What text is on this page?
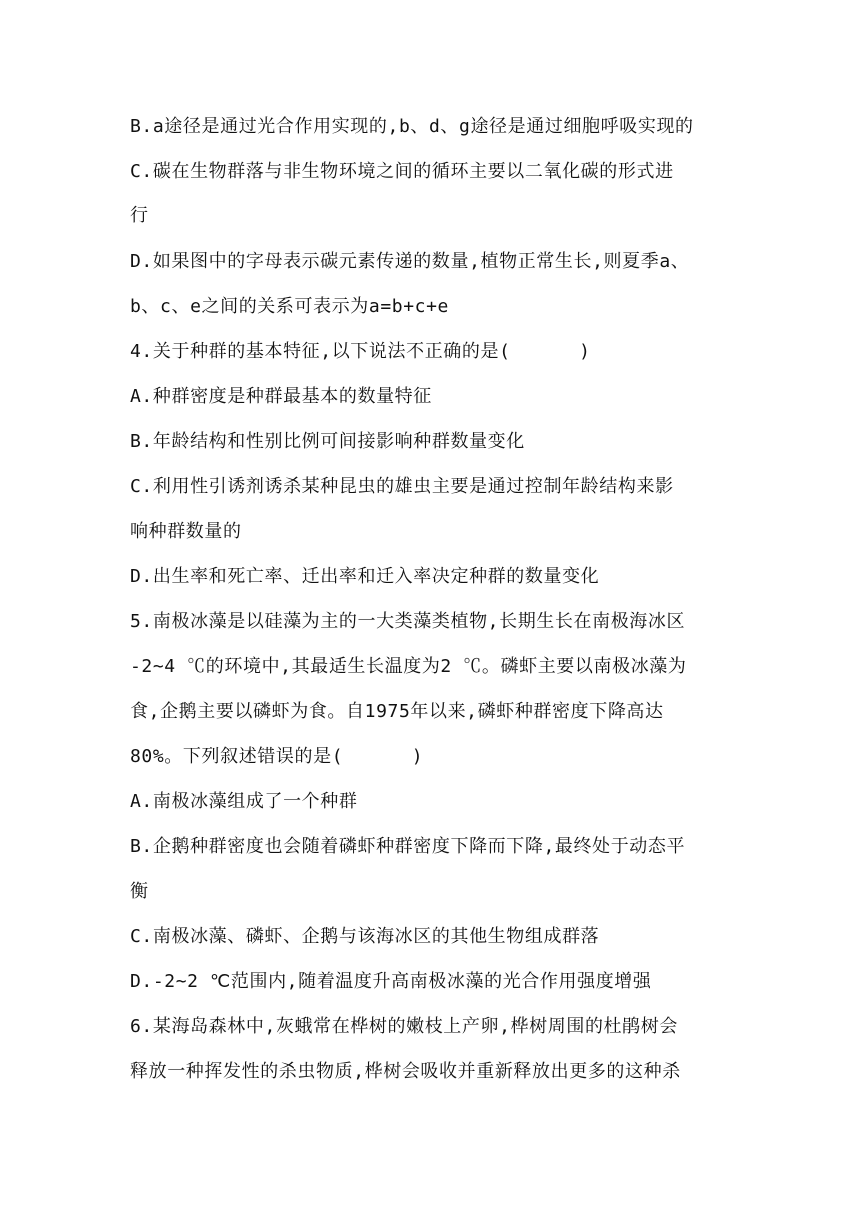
B.a途径是通过光合作用实现的,b、d、g途径是通过细胞呼吸实现的
C.碳在生物群落与非生物环境之间的循环主要以二氧化碳的形式进
行
D.如果图中的字母表示碳元素传递的数量,植物正常生长,则夏季a、
b、c、e之间的关系可表示为a=b+c+e
4.关于种群的基本特征,以下说法不正确的是(      )
A.种群密度是种群最基本的数量特征
B.年龄结构和性别比例可间接影响种群数量变化
C.利用性引诱剂诱杀某种昆虫的雄虫主要是通过控制年龄结构来影
响种群数量的
D.出生率和死亡率、迁出率和迁入率决定种群的数量变化
5.南极冰藻是以硅藻为主的一大类藻类植物,长期生长在南极海冰区
-2~4 ℃的环境中,其最适生长温度为2 ℃。磷虾主要以南极冰藻为
食,企鹅主要以磷虾为食。自1975年以来,磷虾种群密度下降高达
80%。下列叙述错误的是(      )
A.南极冰藻组成了一个种群
B.企鹅种群密度也会随着磷虾种群密度下降而下降,最终处于动态平
衡
C.南极冰藻、磷虾、企鹅与该海冰区的其他生物组成群落
D.-2~2 ℃范围内,随着温度升高南极冰藻的光合作用强度增强
6.某海岛森林中,灰蛾常在桦树的嫩枝上产卵,桦树周围的杜鹃树会
释放一种挥发性的杀虫物质,桦树会吸收并重新释放出更多的这种杀
